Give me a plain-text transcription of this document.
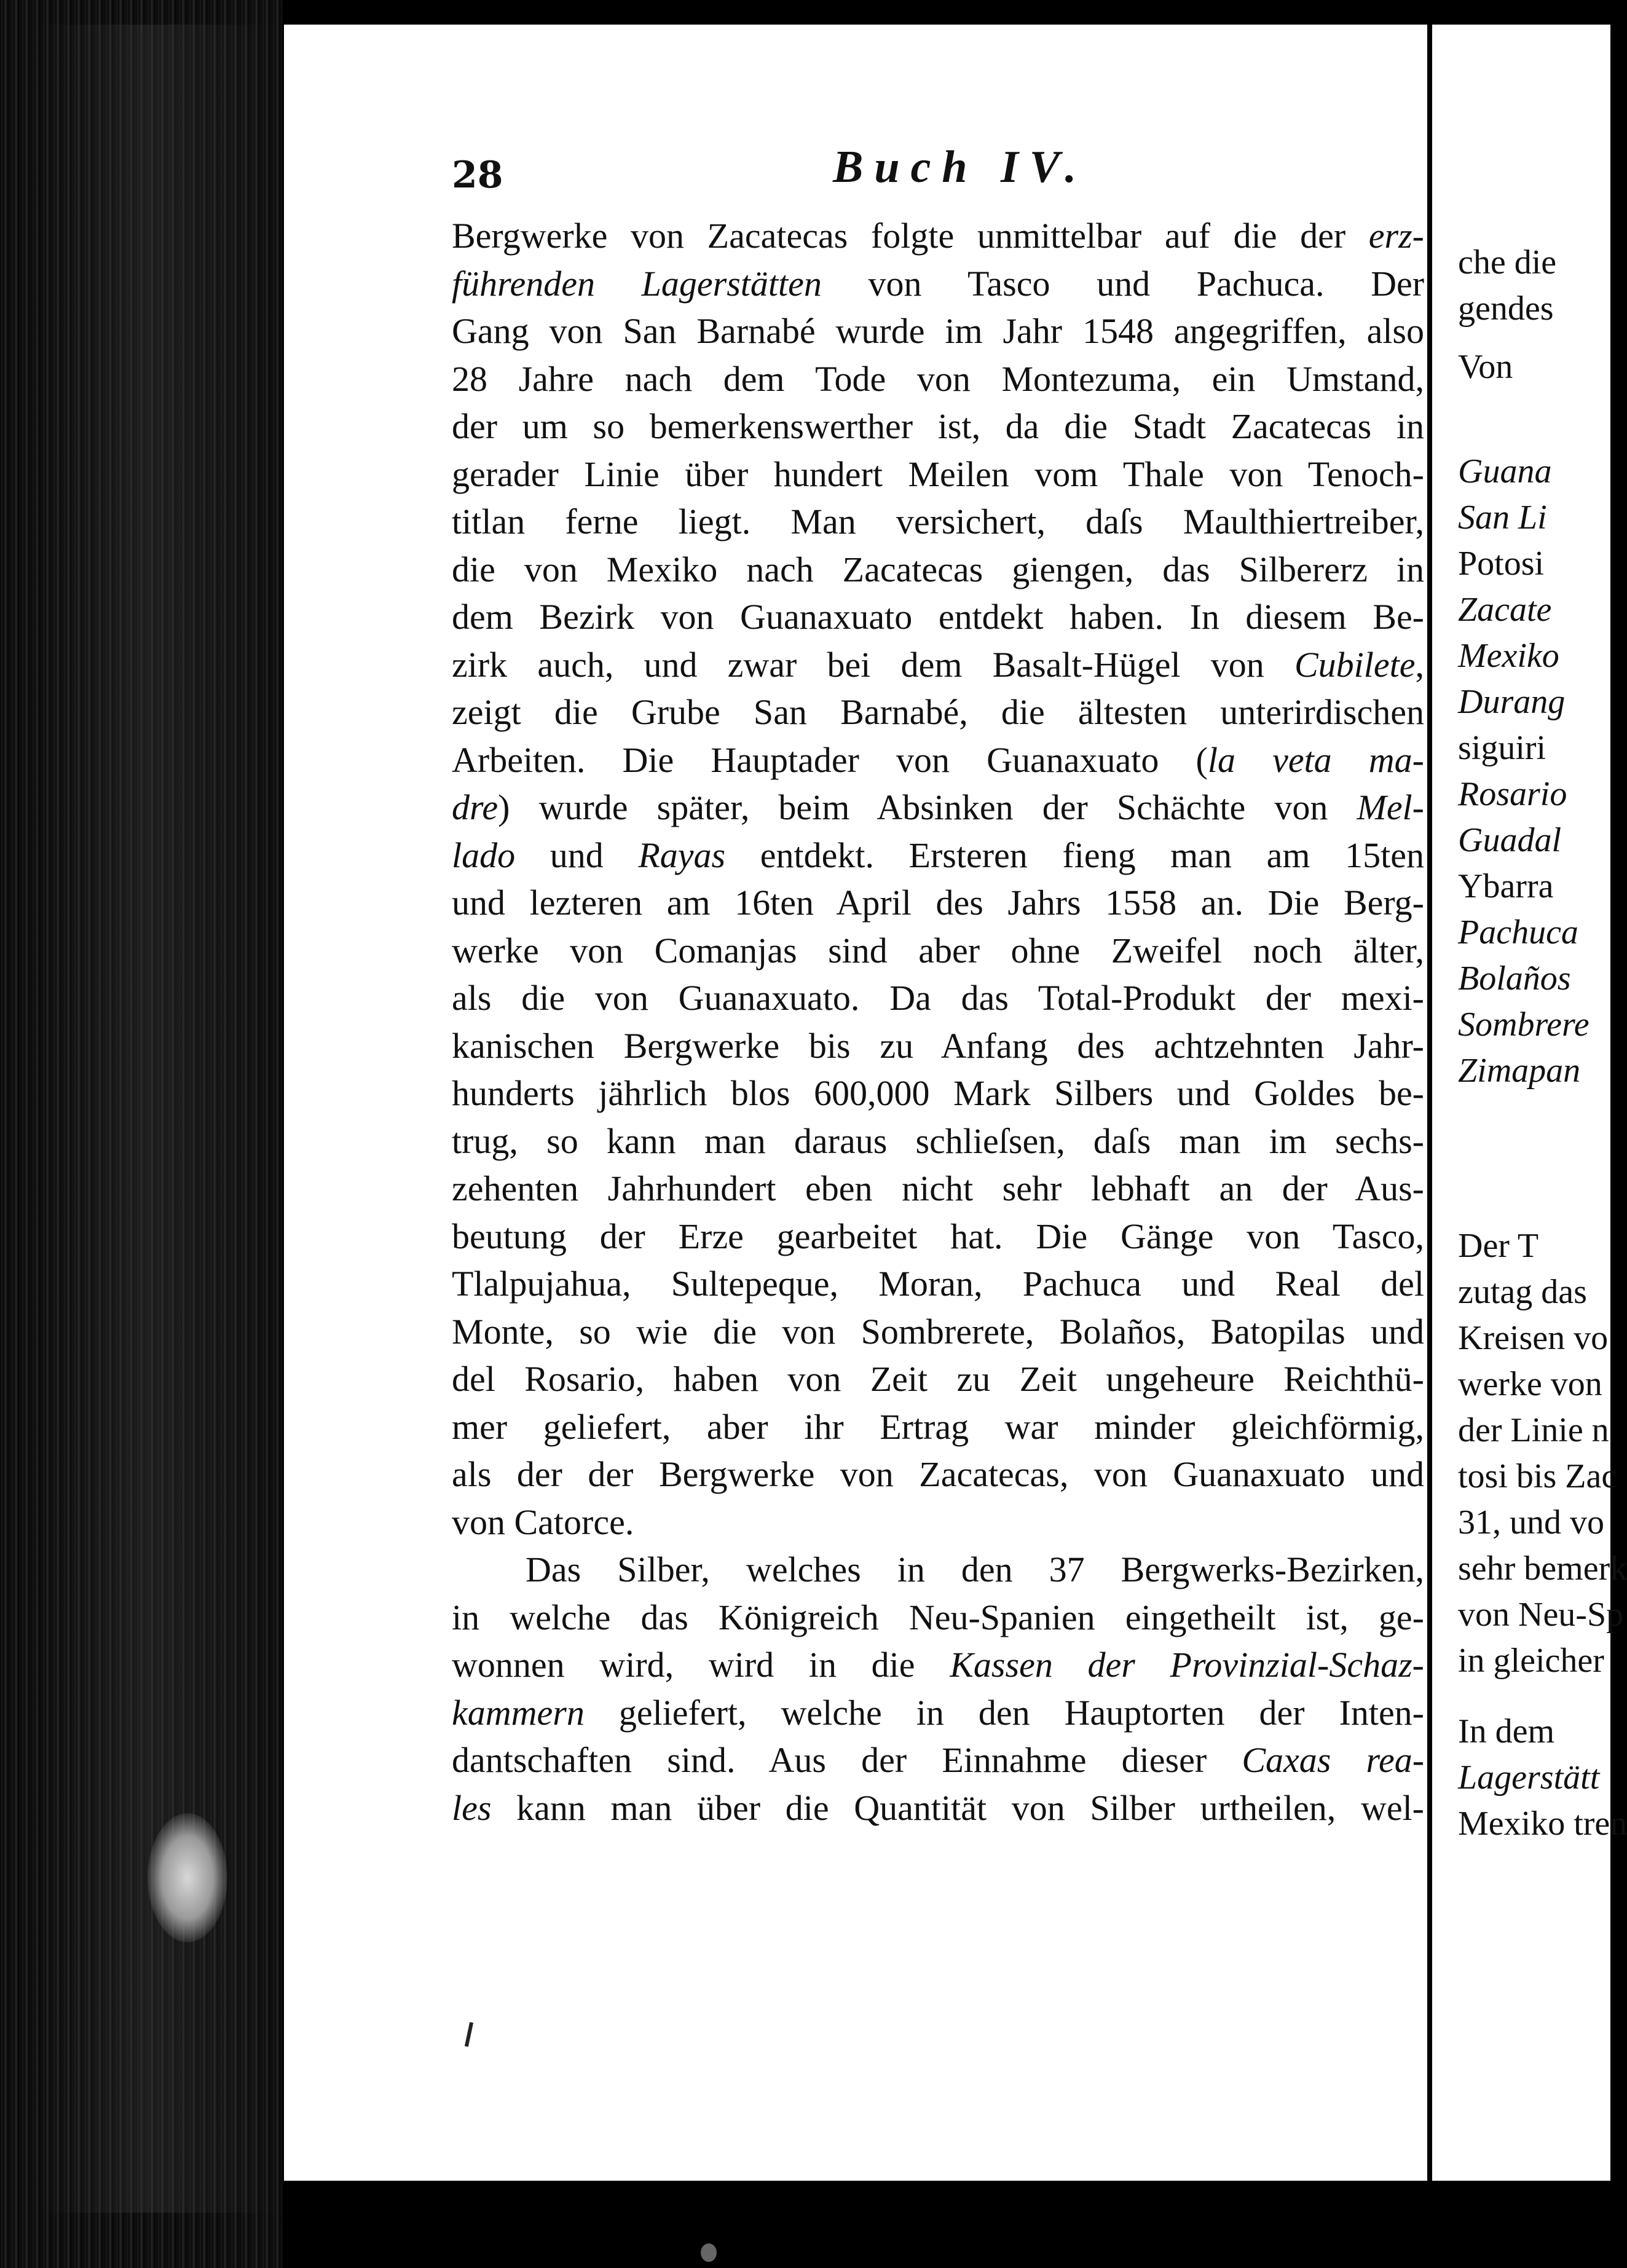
28	Buch IV.
Bergwerke von Zacatecas folgte unmittelbar auf die der erz-
führenden Lagerstätten von Tasco und Pachuca. Der
Gang von San Barnabé wurde im Jahr 1548 angegriffen, also
28 Jahre nach dem Tode von Montezuma, ein Umstand,
der um so bemerkenswerther ist, da die Stadt Zacatecas in
gerader Linie über hundert Meilen vom Thale von Tenoch-
titlan ferne liegt. Man versichert, daſs Maulthiertreiber,
die von Mexiko nach Zacatecas giengen, das Silbererz in
dem Bezirk von Guanaxuato entdekt haben. In diesem Be-
zirk auch, und zwar bei dem Basalt-Hügel von Cubilete,
zeigt die Grube San Barnabé, die ältesten unterirdischen
Arbeiten. Die Hauptader von Guanaxuato (la veta ma-
dre) wurde später, beim Absinken der Schächte von Mel-
lado und Rayas entdekt. Ersteren fieng man am 15ten
und lezteren am 16ten April des Jahrs 1558 an. Die Berg-
werke von Comanjas sind aber ohne Zweifel noch älter,
als die von Guanaxuato. Da das Total-Produkt der mexi-
kanischen Bergwerke bis zu Anfang des achtzehnten Jahr-
hunderts jährlich blos 600,000 Mark Silbers und Goldes be-
trug, so kann man daraus schlieſsen, daſs man im sechs-
zehenten Jahrhundert eben nicht sehr lebhaft an der Aus-
beutung der Erze gearbeitet hat. Die Gänge von Tasco,
Tlalpujahua, Sultepeque, Moran, Pachuca und Real del
Monte, so wie die von Sombrerete, Bolaños, Batopilas und
del Rosario, haben von Zeit zu Zeit ungeheure Reichthü-
mer geliefert, aber ihr Ertrag war minder gleichförmig,
als der der Bergwerke von Zacatecas, von Guanaxuato und
von Catorce.
Das Silber, welches in den 37 Bergwerks-Bezirken,
in welche das Königreich Neu-Spanien eingetheilt ist, ge-
wonnen wird, wird in die Kassen der Provinzial-Schaz-
kammern geliefert, welche in den Hauptorten der Inten-
dantschaften sind. Aus der Einnahme dieser Caxas rea-
les kann man über die Quantität von Silber urtheilen, wel-
che die
gendes
Von
Guana
San Li
Potosi
Zacate
Mexiko
Durang
siguiri
Rosario
Guadal
Ybarra
Pachuca
Bolaños
Sombrere
Zimapan
Der T
zutag das
Kreisen vo
werke von
der Linie n
tosi bis Zac
31, und vo
sehr bemerk
von Neu-Sp
in gleicher
In dem
Lagerstätt
Mexiko tren
